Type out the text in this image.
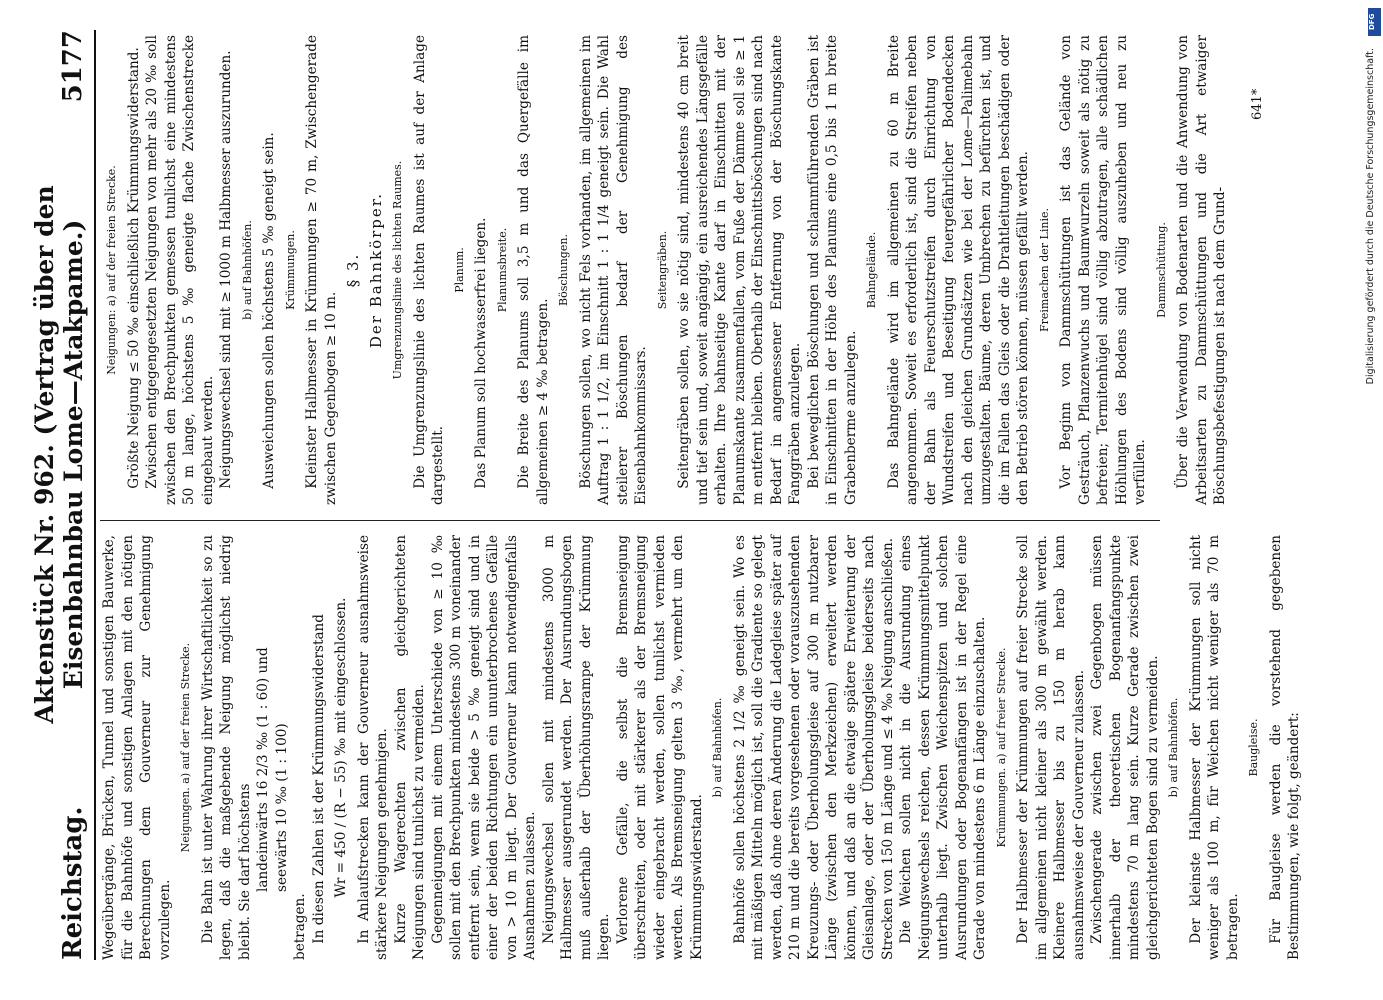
Reichstag.
Aktenstück Nr. 962. (Vertrag über den Eisenbahnbau Lome—Atakpame.)
5177

Wegeübergänge, Brücken, Tunnel und sonstigen Bauwerke, für die Bahnhöfe und sonstigen Anlagen mit den nötigen Berechnungen dem Gouverneur zur Genehmigung vorzulegen.

Neigungen. a) auf der freien Strecke. Die Bahn ist unter Wahrung ihrer Wirtschaftlichkeit so zu legen, daß die maßgebende Neigung möglichst niedrig bleibt. Sie darf höchstens landeinwärts 16 2/3 ‰ (1 : 60) und seewärts 10 ‰ (1 : 100)

betragen. In diesen Zahlen ist der Krümmungswiderstand Wr = 450 / (R − 55) ‰ mit eingeschlossen. In Anlaufstrecken kann der Gouverneur ausnahmsweise stärkere Neigungen genehmigen. Kurze Wagerechten zwischen gleichgerichteten Neigungen sind tunlichst zu vermeiden. Gegenneigungen mit einem Unterschiede von ≥ 10 ‰ sollen mit den Brechpunkten mindestens 300 m voneinander entfernt sein, wenn sie beide > 5 ‰ geneigt sind und in einer der beiden Richtungen ein ununterbrochenes Gefälle von > 10 m liegt. Der Gouverneur kann notwendigenfalls Ausnahmen zulassen. Neigungswechsel sollen mit mindestens 3000 m Halbmesser ausgerundet werden. Der Ausrundungsbogen muß außerhalb der Überhöhungsrampe der Krümmung liegen. Verlorene Gefälle, die selbst die Bremsneigung überschreiten, oder mit stärkerer als der Bremsneigung wieder eingebracht werden, sollen tunlichst vermieden werden. Als Bremsneigung gelten 3 ‰, vermehrt um den Krümmungswiderstand.

b) auf Bahnhöfen. Bahnhöfe sollen höchstens 2 1/2 ‰ geneigt sein. Wo es mit mäßigen Mitteln möglich ist, soll die Gradiente so gelegt werden, daß ohne deren Änderung die Ladegleise später auf 210 m und die bereits vorgesehenen oder vorauszusehenden Kreuzungs- oder Überholungsgleise auf 300 m nutzbarer Länge (zwischen den Merkzeichen) erweitert werden können, und daß an die etwaige spätere Erweiterung der Gleisanlage, oder der Überholungsgleise beiderseits nach Strecken von 150 m Länge und ≤ 4 ‰ Neigung anschließen. Die Weichen sollen nicht in die Ausrundung eines Neigungswechsels reichen, dessen Krümmungsmittelpunkt unterhalb liegt. Zwischen Weichenspitzen und solchen Ausrundungen oder Bogenanfängen ist in der Regel eine Gerade von mindestens 6 m Länge einzuschalten. Krümmungen. a) auf freier Strecke. Der Halbmesser der Krümmungen auf freier Strecke soll im allgemeinen nicht kleiner als 300 m gewählt werden. Kleinere Halbmesser bis zu 150 m herab kann ausnahmsweise der Gouverneur zulassen. Zwischengerade zwischen zwei Gegenbogen müssen innerhalb der theoretischen Bogenanfangspunkte mindestens 70 m lang sein. Kurze Gerade zwischen zwei gleichgerichteten Bogen sind zu vermeiden. b) auf Bahnhöfen. Der kleinste Halbmesser der Krümmungen soll nicht weniger als 100 m, für Weichen nicht weniger als 70 m betragen.

Baugleise. Für Baugleise werden die vorstehend gegebenen Bestimmungen, wie folgt, geändert:

Neigungen: a) auf der freien Strecke. Größte Neigung ≤ 50 ‰ einschließlich Krümmungswiderstand. Zwischen entgegengesetzten Neigungen von mehr als 20 ‰ soll zwischen den Brechpunkten gemessen tunlichst eine mindestens 50 m lange, höchstens 5 ‰ geneigte flache Zwischenstrecke eingebaut werden. Neigungswechsel sind mit ≥ 1000 m Halbmesser auszurunden. b) auf Bahnhöfen. Ausweichungen sollen höchstens 5 ‰ geneigt sein. Krümmungen. Kleinster Halbmesser in Krümmungen ≥ 70 m, Zwischengerade zwischen Gegenbogen ≥ 10 m.

§ 3. Der Bahnkörper. Umgrenzungslinie des lichten Raumes. Die Umgrenzungslinie des lichten Raumes ist auf der Anlage dargestellt.

Planum. Das Planum soll hochwasserfrei liegen. Planumsbreite. Die Breite des Planums soll 3,5 m und das Quergefälle im allgemeinen ≥ 4 ‰ betragen.

Böschungen. Böschungen sollen, wo nicht Fels vorhanden, im allgemeinen im Auftrag 1 : 1 1/2, im Einschnitt 1 : 1 1/4 geneigt sein. Die Wahl steilerer Böschungen bedarf der Genehmigung des Eisenbahnkommissars.

Seitengräben. Seitengräben sollen, wo sie nötig sind, mindestens 40 cm breit und tief sein und, soweit angängig, ein ausreichendes Längsgefälle erhalten. Ihre bahnseitige Kante darf in Einschnitten mit der Planumskante zusammenfallen, vom Fuße der Dämme soll sie ≥ 1 m entfernt bleiben. Oberhalb der Einschnittsböschungen sind nach Bedarf in angemessener Entfernung von der Böschungskante Fanggräben anzulegen. Bei beweglichen Böschungen und schlammführenden Gräben ist in Einschnitten in der Höhe des Planums eine 0,5 bis 1 m breite Grabenberme anzulegen.

Bahngelände. Das Bahngelände wird im allgemeinen zu 60 m Breite angenommen. Soweit es erforderlich ist, sind die Streifen neben der Bahn als Feuerschutzstreifen durch Einrichtung von Wundstreifen und Beseitigung feuergefährlicher Bodendecken nach den gleichen Grundsätzen wie bei der Lome—Palimebahn umzugestalten. Bäume, deren Umbrechen zu befürchten ist, und die im Fallen das Gleis oder die Drahtleitungen beschädigen oder den Betrieb stören können, müssen gefällt werden. Freimachen der Linie. Vor Beginn von Dammschüttungen ist das Gelände von Gesträuch, Pflanzenwuchs und Baumwurzeln soweit als nötig zu befreien; Termitenhügel sind völlig abzutragen, alle schädlichen Höhlungen des Bodens sind völlig auszuheben und neu zu verfüllen.

Dammschüttung. Über die Verwendung von Bodenarten und die Anwendung von Arbeitsarten zu Dammschüttungen und die Art etwaiger Böschungsbefestigungen ist nach dem Grund-

641*
DFG
Digitalisierung gefördert durch die Deutsche Forschungsgemeinschaft.
